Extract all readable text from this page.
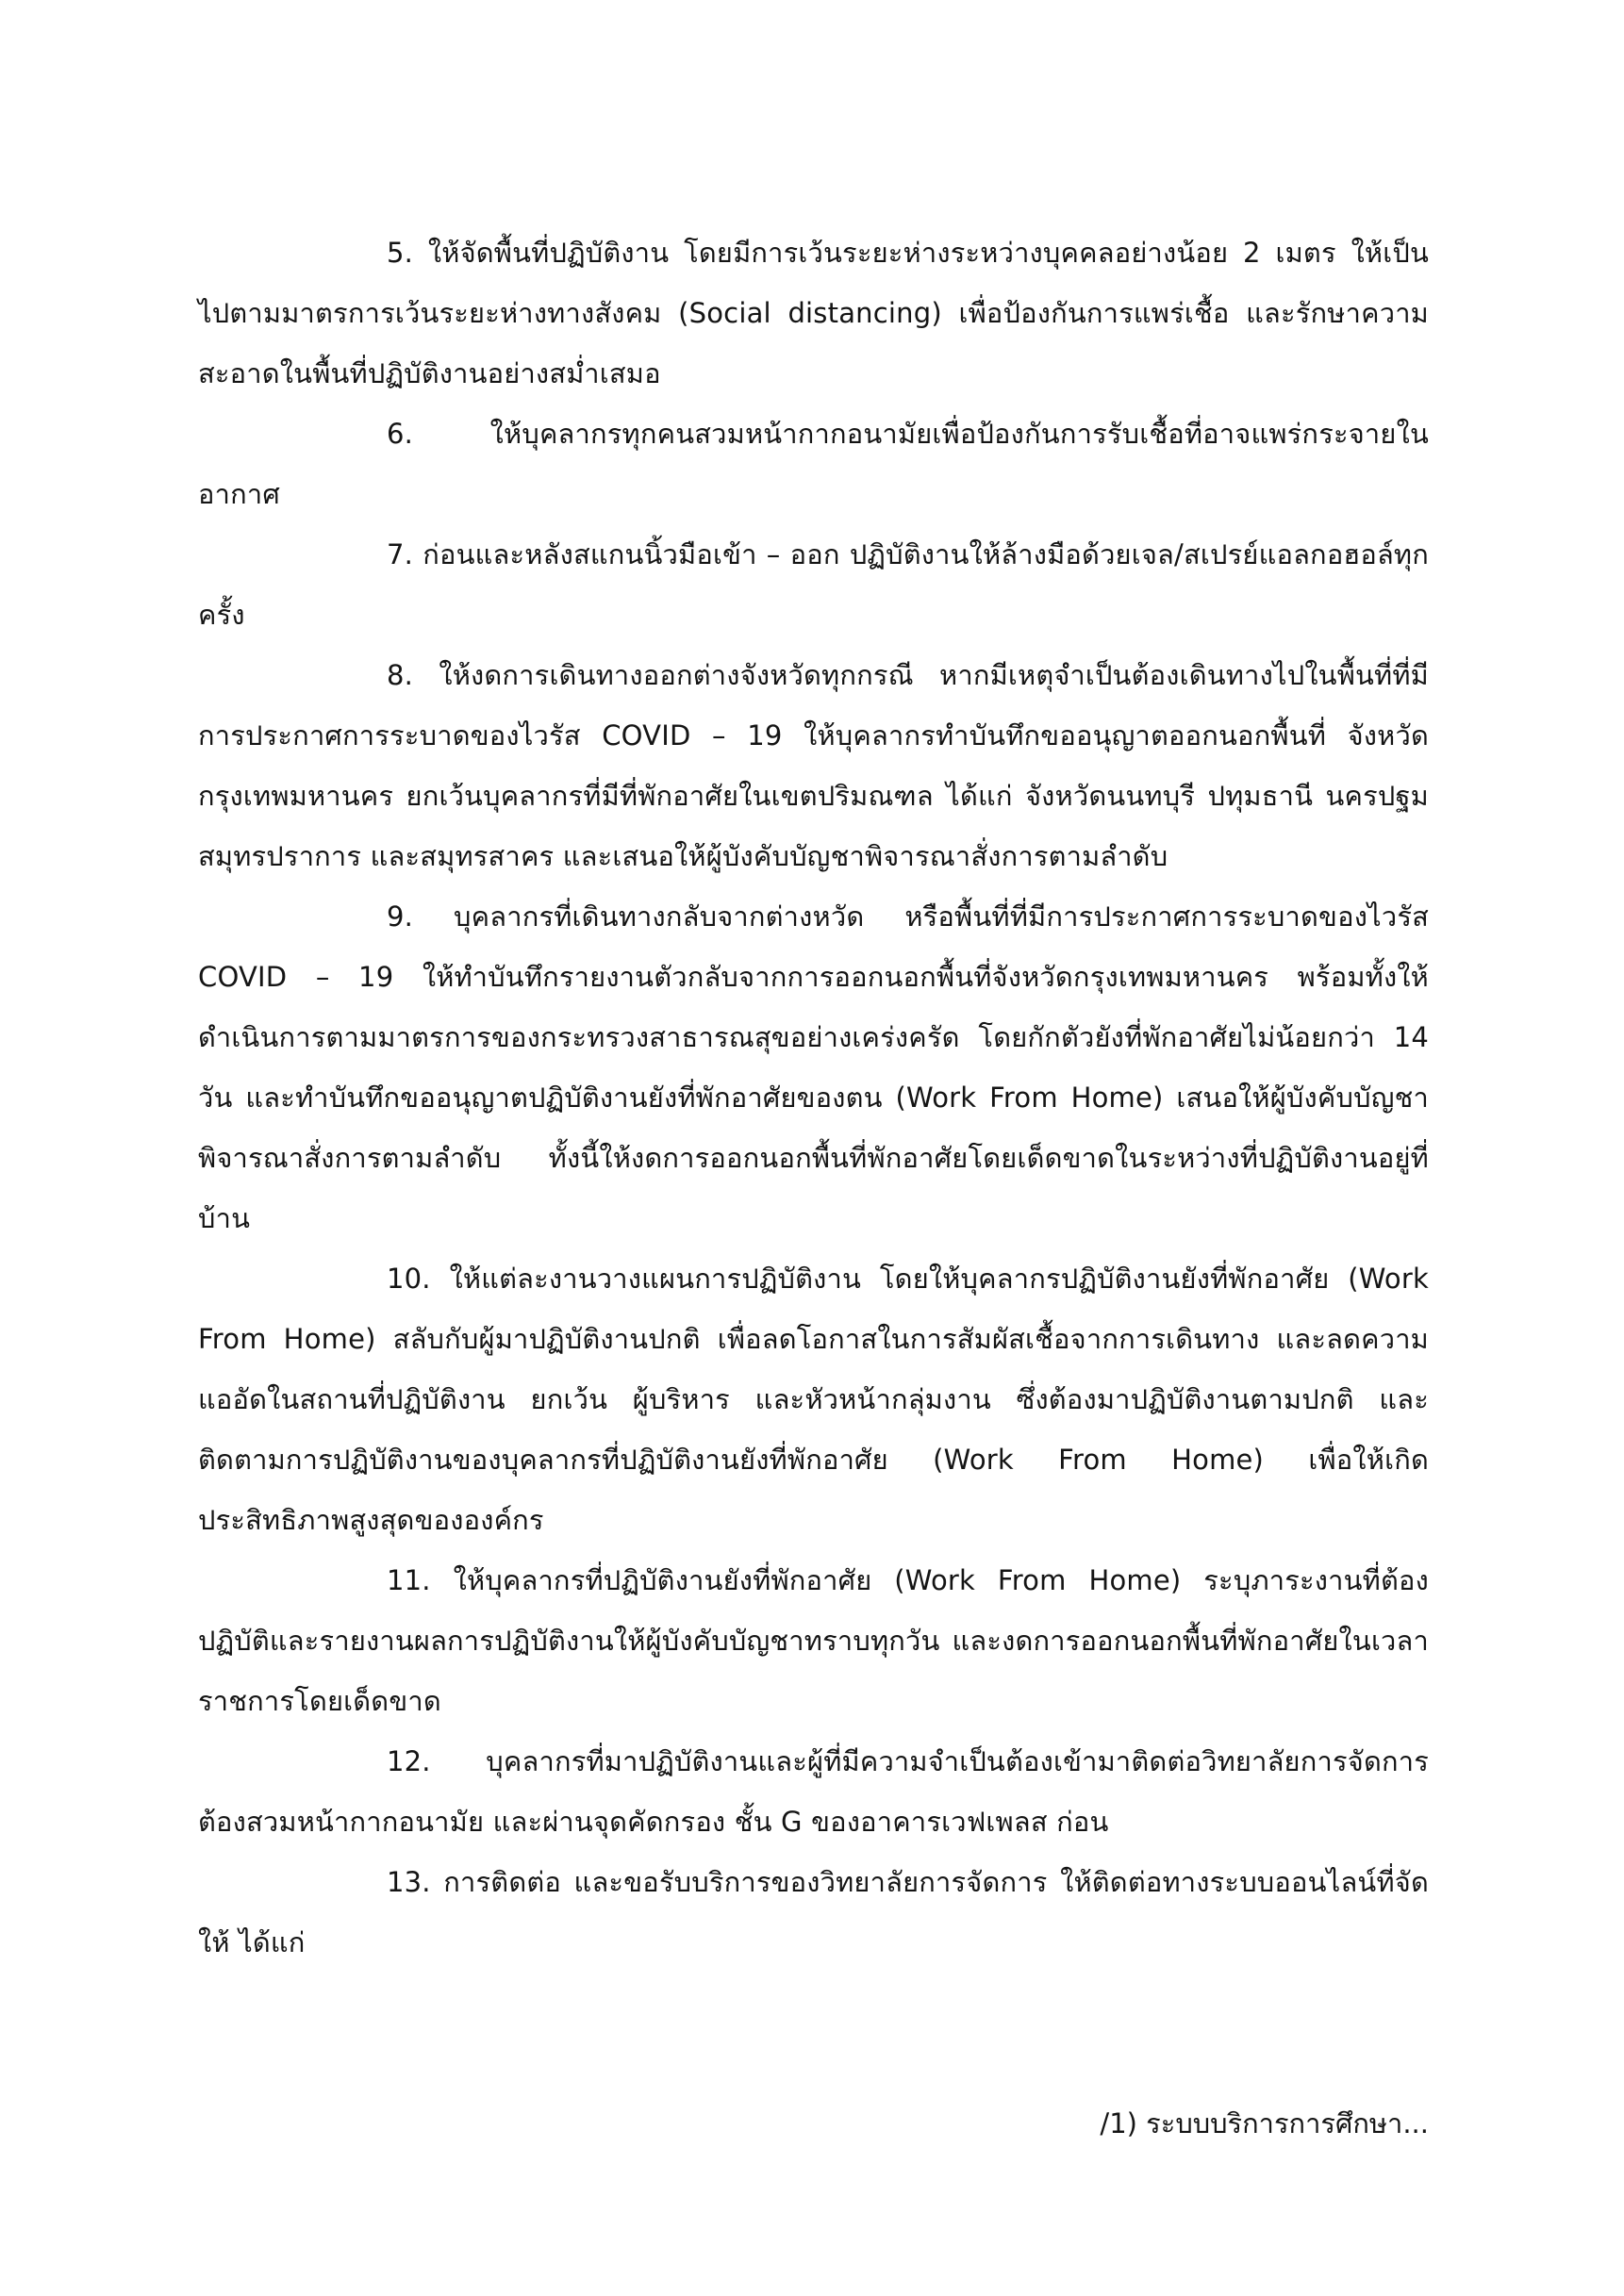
5. ให้จัดพื้นที่ปฏิบัติงาน โดยมีการเว้นระยะห่างระหว่างบุคคลอย่างน้อย 2 เมตร ให้เป็นไปตามมาตรการเว้นระยะห่างทางสังคม (Social distancing) เพื่อป้องกันการแพร่เชื้อ และรักษาความสะอาดในพื้นที่ปฏิบัติงานอย่างสม่ำเสมอ

6. ให้บุคลากรทุกคนสวมหน้ากากอนามัยเพื่อป้องกันการรับเชื้อที่อาจแพร่กระจายในอากาศ

7. ก่อนและหลังสแกนนิ้วมือเข้า – ออก ปฏิบัติงานให้ล้างมือด้วยเจล/สเปรย์แอลกอฮอล์ทุกครั้ง

8. ให้งดการเดินทางออกต่างจังหวัดทุกกรณี หากมีเหตุจำเป็นต้องเดินทางไปในพื้นที่ที่มีการประกาศการระบาดของไวรัส COVID – 19 ให้บุคลากรทำบันทึกขออนุญาตออกนอกพื้นที่ จังหวัดกรุงเทพมหานคร ยกเว้นบุคลากรที่มีที่พักอาศัยในเขตปริมณฑล ได้แก่ จังหวัดนนทบุรี ปทุมธานี นครปฐม สมุทรปราการ และสมุทรสาคร และเสนอให้ผู้บังคับบัญชาพิจารณาสั่งการตามลำดับ

9. บุคลากรที่เดินทางกลับจากต่างหวัด หรือพื้นที่ที่มีการประกาศการระบาดของไวรัส COVID – 19 ให้ทำบันทึกรายงานตัวกลับจากการออกนอกพื้นที่จังหวัดกรุงเทพมหานคร พร้อมทั้งให้ดำเนินการตามมาตรการของกระทรวงสาธารณสุขอย่างเคร่งครัด โดยกักตัวยังที่พักอาศัยไม่น้อยกว่า 14 วัน และทำบันทึกขออนุญาตปฏิบัติงานยังที่พักอาศัยของตน (Work From Home) เสนอให้ผู้บังคับบัญชาพิจารณาสั่งการตามลำดับ ทั้งนี้ให้งดการออกนอกพื้นที่พักอาศัยโดยเด็ดขาดในระหว่างที่ปฏิบัติงานอยู่ที่บ้าน

10. ให้แต่ละงานวางแผนการปฏิบัติงาน โดยให้บุคลากรปฏิบัติงานยังที่พักอาศัย (Work From Home) สลับกับผู้มาปฏิบัติงานปกติ เพื่อลดโอกาสในการสัมผัสเชื้อจากการเดินทาง และลดความแออัดในสถานที่ปฏิบัติงาน ยกเว้น ผู้บริหาร และหัวหน้ากลุ่มงาน ซึ่งต้องมาปฏิบัติงานตามปกติ และติดตามการปฏิบัติงานของบุคลากรที่ปฏิบัติงานยังที่พักอาศัย (Work From Home) เพื่อให้เกิดประสิทธิภาพสูงสุดขององค์กร

11. ให้บุคลากรที่ปฏิบัติงานยังที่พักอาศัย (Work From Home) ระบุภาระงานที่ต้องปฏิบัติและรายงานผลการปฏิบัติงานให้ผู้บังคับบัญชาทราบทุกวัน และงดการออกนอกพื้นที่พักอาศัยในเวลาราชการโดยเด็ดขาด

12. บุคลากรที่มาปฏิบัติงานและผู้ที่มีความจำเป็นต้องเข้ามาติดต่อวิทยาลัยการจัดการต้องสวมหน้ากากอนามัย และผ่านจุดคัดกรอง ชั้น G ของอาคารเวฟเพลส ก่อน

13. การติดต่อ และขอรับบริการของวิทยาลัยการจัดการ ให้ติดต่อทางระบบออนไลน์ที่จัดให้ ได้แก่

/1) ระบบบริการการศึกษา...
